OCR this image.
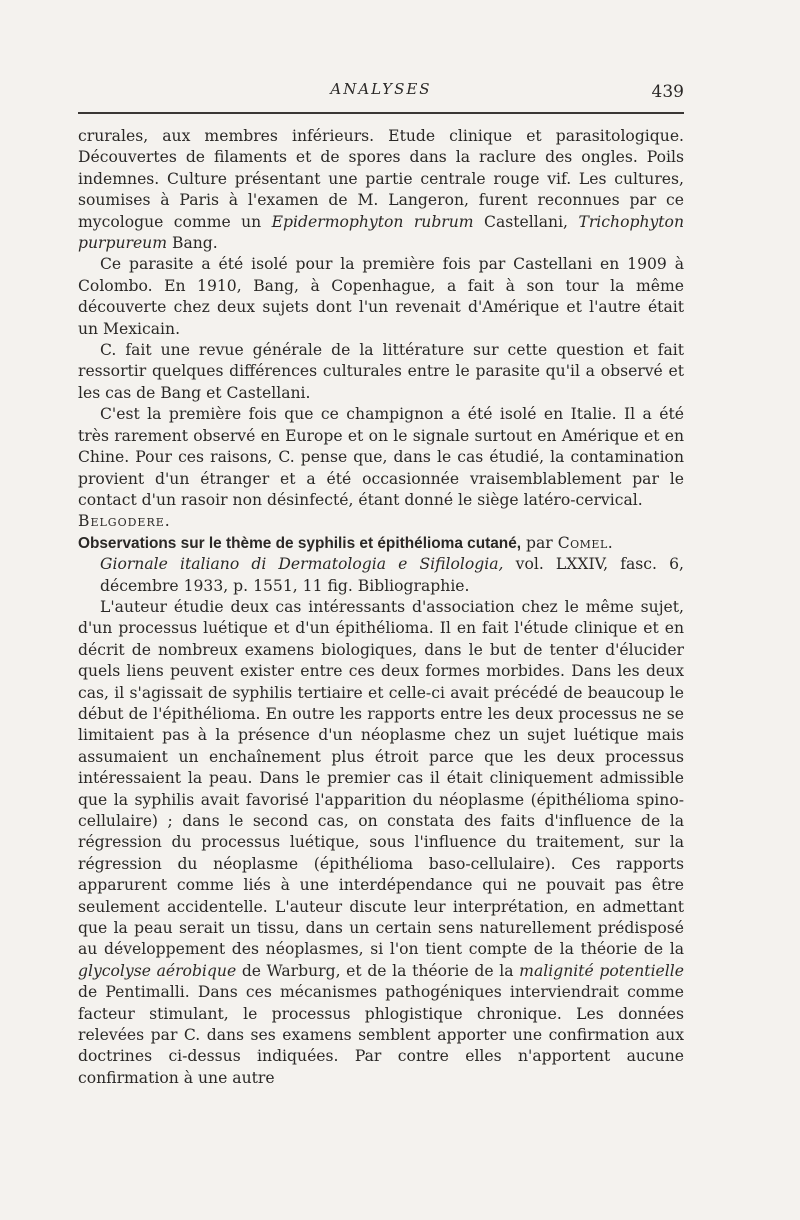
ANALYSES	439

crurales, aux membres inférieurs. Etude clinique et parasitologique. Découvertes de filaments et de spores dans la raclure des ongles. Poils indemnes. Culture présentant une partie centrale rouge vif. Les cultures, soumises à Paris à l'examen de M. Langeron, furent reconnues par ce mycologue comme un Epidermophyton rubrum Castellani, Trichophyton purpureum Bang.

Ce parasite a été isolé pour la première fois par Castellani en 1909 à Colombo. En 1910, Bang, à Copenhague, a fait à son tour la même découverte chez deux sujets dont l'un revenait d'Amérique et l'autre était un Mexicain.

C. fait une revue générale de la littérature sur cette question et fait ressortir quelques différences culturales entre le parasite qu'il a observé et les cas de Bang et Castellani.

C'est la première fois que ce champignon a été isolé en Italie. Il a été très rarement observé en Europe et on le signale surtout en Amérique et en Chine. Pour ces raisons, C. pense que, dans le cas étudié, la contamination provient d'un étranger et a été occasionnée vraisemblablement par le contact d'un rasoir non désinfecté, étant donné le siège latéro-cervical.

Belgodere.

Observations sur le thème de syphilis et épithélioma cutané, par Comel.

Giornale italiano di Dermatologia e Sifilologia, vol. LXXIV, fasc. 6, décembre 1933, p. 1551, 11 fig. Bibliographie.

L'auteur étudie deux cas intéressants d'association chez le même sujet, d'un processus luétique et d'un épithélioma. Il en fait l'étude clinique et en décrit de nombreux examens biologiques, dans le but de tenter d'élucider quels liens peuvent exister entre ces deux formes morbides. Dans les deux cas, il s'agissait de syphilis tertiaire et celle-ci avait précédé de beaucoup le début de l'épithélioma. En outre les rapports entre les deux processus ne se limitaient pas à la présence d'un néoplasme chez un sujet luétique mais assumaient un enchaînement plus étroit parce que les deux processus intéressaient la peau. Dans le premier cas il était cliniquement admissible que la syphilis avait favorisé l'apparition du néoplasme (épithélioma spino-cellulaire) ; dans le second cas, on constata des faits d'influence de la régression du processus luétique, sous l'influence du traitement, sur la régression du néoplasme (épithélioma baso-cellulaire). Ces rapports apparurent comme liés à une interdépendance qui ne pouvait pas être seulement accidentelle. L'auteur discute leur interprétation, en admettant que la peau serait un tissu, dans un certain sens naturellement prédisposé au développement des néoplasmes, si l'on tient compte de la théorie de la glycolyse aérobique de Warburg, et de la théorie de la malignité potentielle de Pentimalli. Dans ces mécanismes pathogéniques interviendrait comme facteur stimulant, le processus phlogistique chronique. Les données relevées par C. dans ses examens semblent apporter une confirmation aux doctrines ci-dessus indiquées. Par contre elles n'apportent aucune confirmation à une autre
